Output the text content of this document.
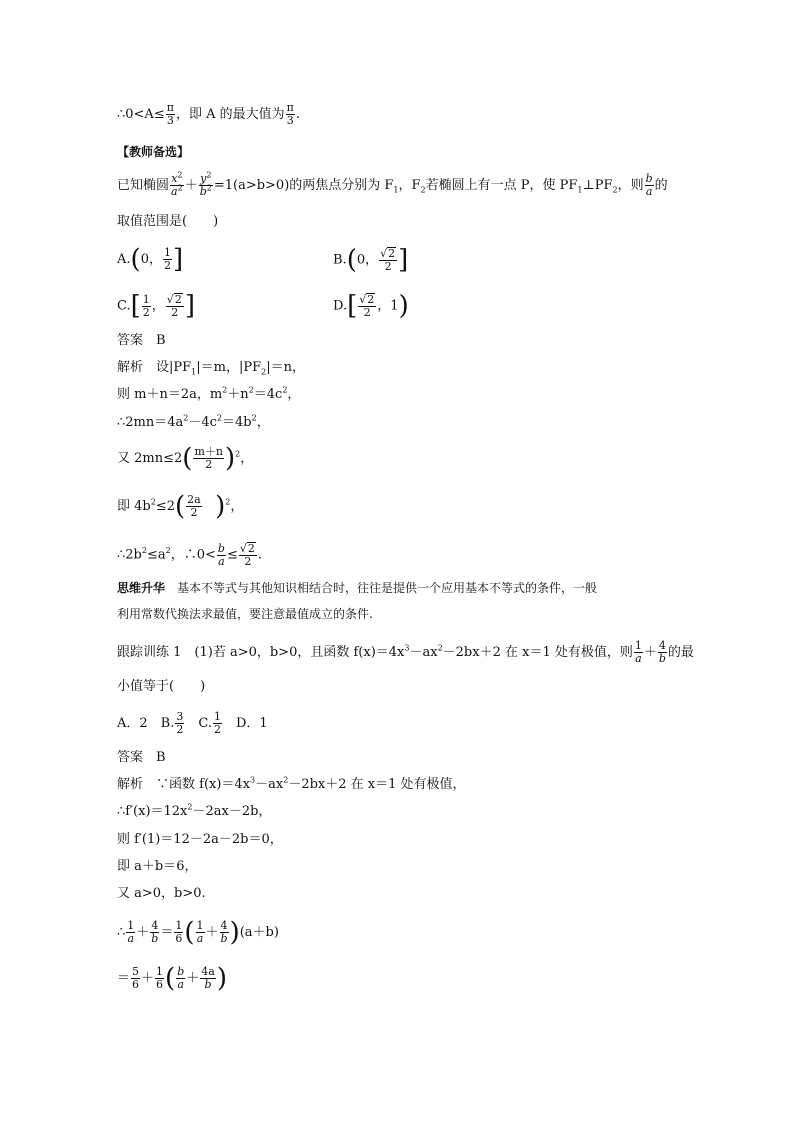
∴0<A≤ $\frac{\pi}{3}$ ，即 A 的最大值为 $\frac{\pi}{3}$ .
【教师备选】
已知椭圆 $\frac{x^2}{a^2} + \frac{y^2}{b^2} =1(a>b>0)$的两焦点分别为 $F_1$，$F_2$若椭圆上有一点 P，使 $PF_1\perp PF_2$，则 $\frac{b}{a}$ 的
取值范围是(　　)
A.(0， $\frac{1}{2}$ ]	B.(0， $\frac{√2}{2}$ ]
$C.[ \frac{1}{2}$ ， $\frac{√2}{2}$ ]	$D.[ \frac{√2}{2}$ ，1)
答案　B
解析　设$|PF_1|=m$，$|PF_2|=n$，
则 m＋n＝2a，$m^2+n^2=4c^2$，
$\therefore 2mn=4a^2-4c^2=4b^2$，
又 $2mn\le 2( \frac{m+n}{2} )^2$，
即 $4b^2\le 2( \frac{2a}{2} )^2$，
$\therefore 2b^2\le a^2$，∴0< $\frac{b}{a} \le \frac{√2}{2}$ .
思维升华　基本不等式与其他知识相结合时，往往是提供一个应用基本不等式的条件，一般
利用常数代换法求最值，要注意最值成立的条件.
跟踪训练 1　(1)若 a>0，b>0，且函数 $f(x)=4x^3-ax^2-2bx+2$ 在 x＝1 处有极值，则 $\frac{1}{a} + \frac{4}{b}$ 的最
小值等于(　　)
A．2　B. $\frac{3}{2}$ 　C. $\frac{1}{2}$ 　D．1
答案　B
解析　∵函数 $f(x)=4x^3-ax^2-2bx+2$ 在 x＝1 处有极值，
$\therefore f'(x)=12x^2-2ax-2b$，
则 f′(1)＝12－2a－2b＝0，
即 a＋b＝6，
又 a>0，b>0.
∴ $\frac{1}{a} + \frac{4}{b} = \frac{1}{6}$ ( $\frac{1}{a} + \frac{4}{b} )(a+b)$
＝ $\frac{5}{6} + \frac{1}{6}$ ( $\frac{b}{a} + \frac{4a}{b}$ )
